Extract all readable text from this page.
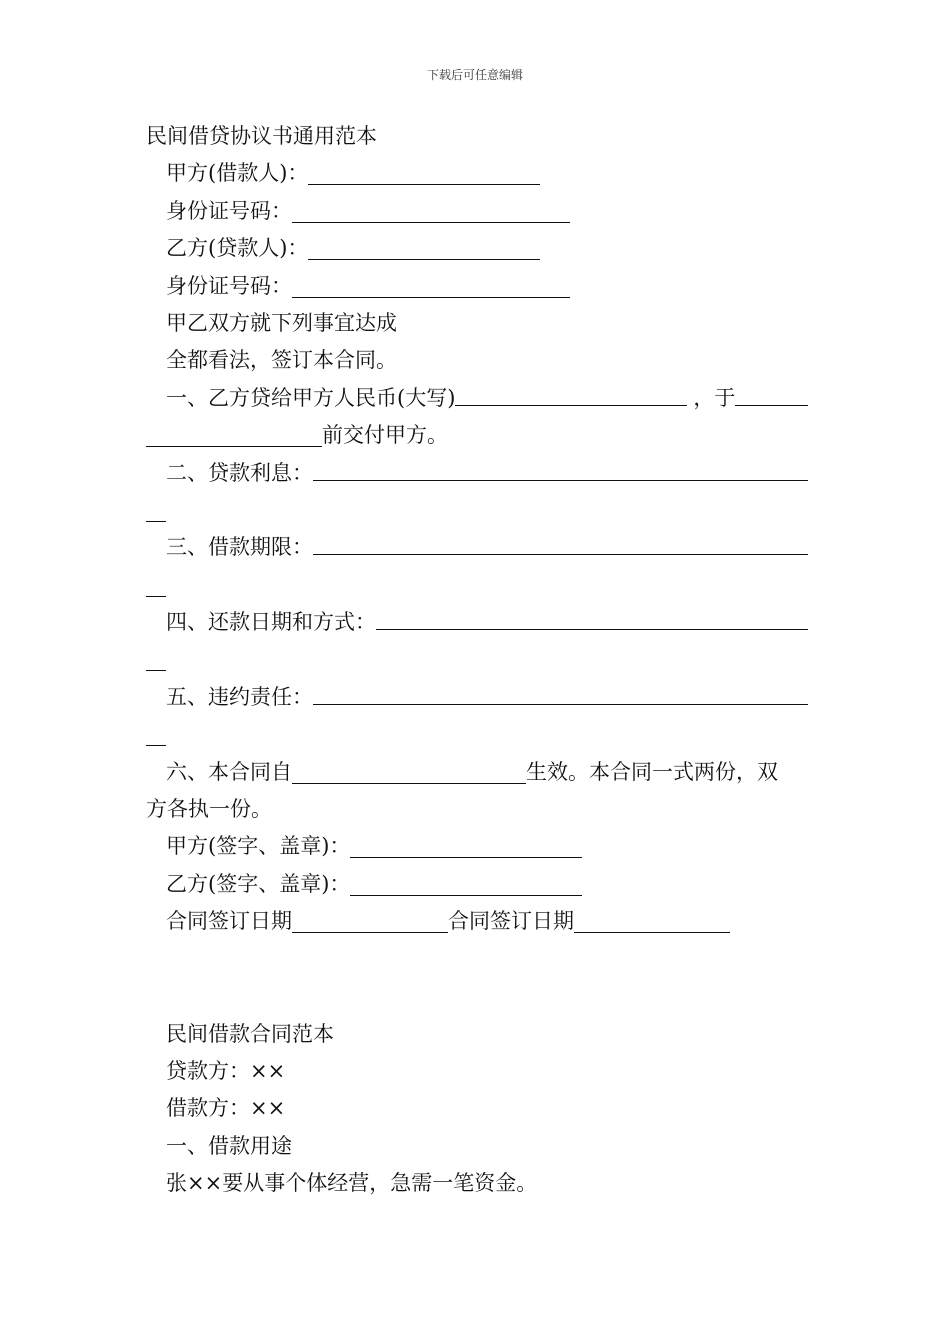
下载后可任意编辑
民间借贷协议书通用范本
甲方(借款人)：
身份证号码：
乙方(贷款人)：
身份证号码：
甲乙双方就下列事宜达成
全都看法，签订本合同。
一、乙方贷给甲方人民币(大写)	，于
前交付甲方。
二、贷款利息：
三、借款期限：
四、还款日期和方式：
五、违约责任：
六、本合同自	生效。本合同一式两份，双
方各执一份。
甲方(签字、盖章)：
乙方(签字、盖章)：
合同签订日期	合同签订日期
民间借款合同范本
贷款方：××
借款方：××
一、借款用途
张××要从事个体经营，急需一笔资金。
